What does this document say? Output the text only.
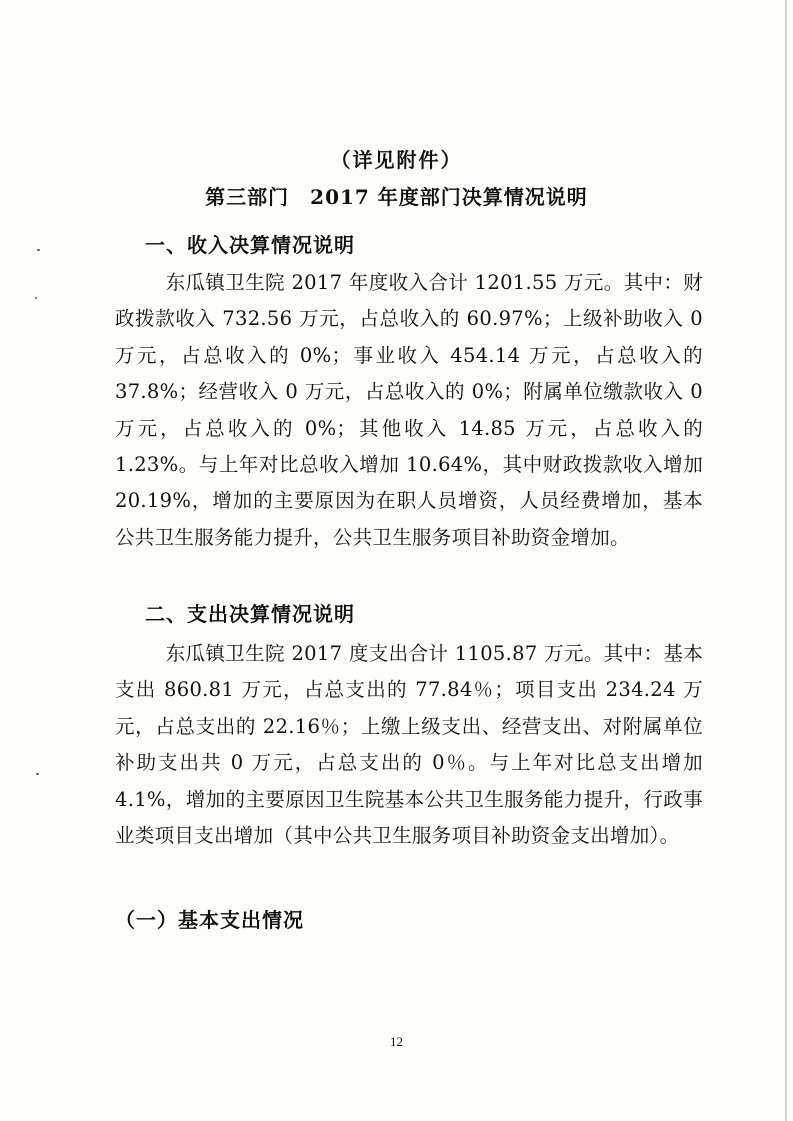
（详见附件）
第三部门　2017 年度部门决算情况说明
一、收入决算情况说明
东瓜镇卫生院 2017 年度收入合计 1201.55 万元。其中：财政拨款收入 732.56 万元，占总收入的 60.97%；上级补助收入 0 万元，占总收入的 0%；事业收入 454.14 万元，占总收入的 37.8%；经营收入 0 万元，占总收入的 0%；附属单位缴款收入 0 万元，占总收入的 0%；其他收入 14.85 万元，占总收入的 1.23%。与上年对比总收入增加 10.64%，其中财政拨款收入增加 20.19%，增加的主要原因为在职人员增资，人员经费增加，基本公共卫生服务能力提升，公共卫生服务项目补助资金增加。
二、支出决算情况说明
东瓜镇卫生院 2017 度支出合计 1105.87 万元。其中：基本支出 860.81 万元，占总支出的 77.84％；项目支出 234.24 万元，占总支出的 22.16％；上缴上级支出、经营支出、对附属单位补助支出共 0 万元，占总支出的 0％。与上年对比总支出增加 4.1%，增加的主要原因卫生院基本公共卫生服务能力提升，行政事业类项目支出增加（其中公共卫生服务项目补助资金支出增加）。
（一）基本支出情况
12
